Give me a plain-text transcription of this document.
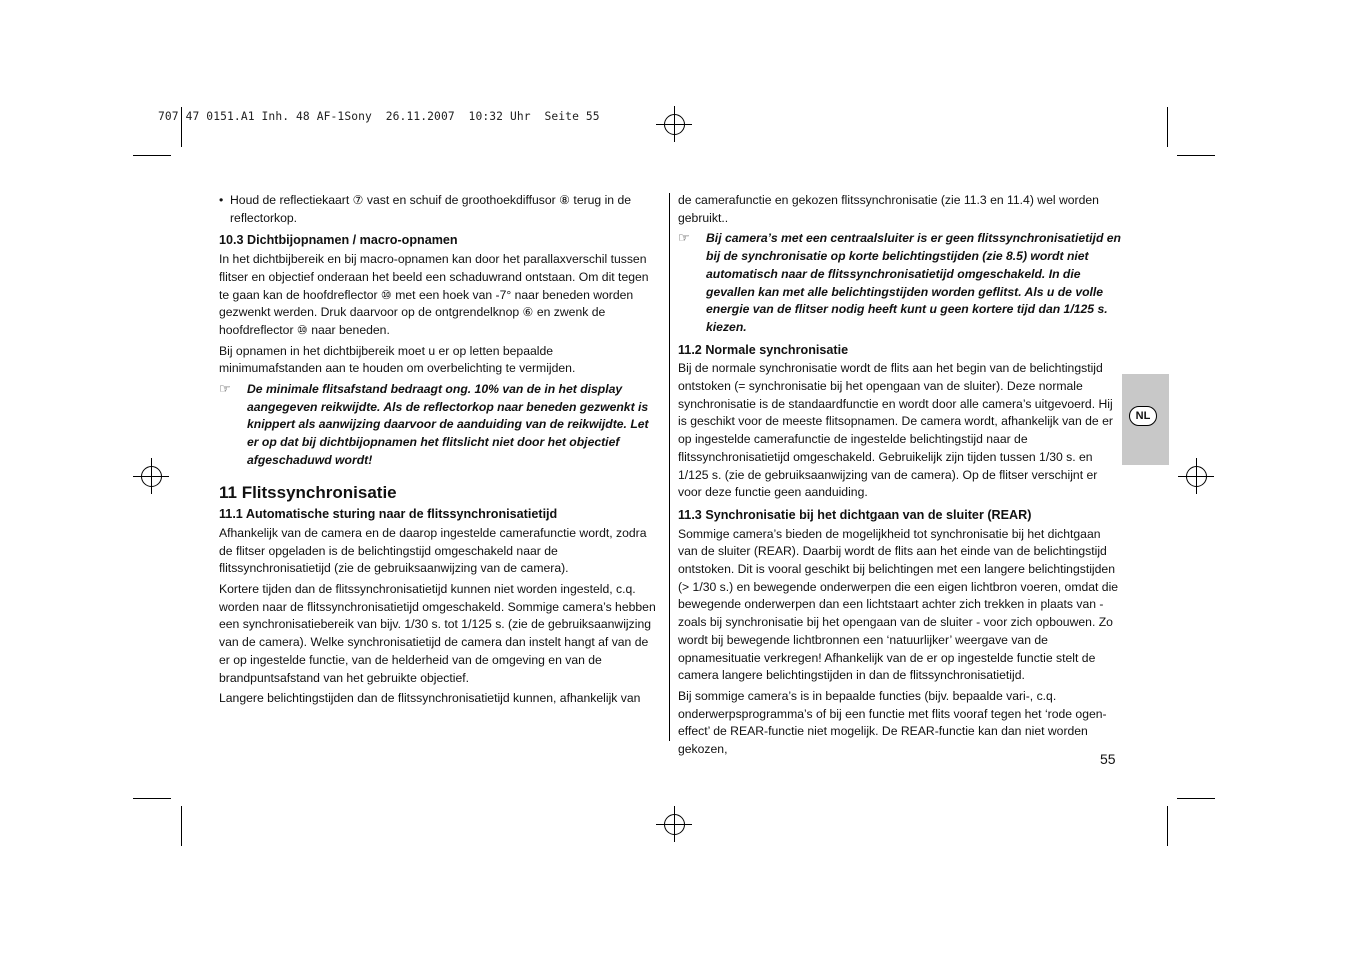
707 47 0151.A1 Inh. 48 AF-1Sony  26.11.2007  10:32 Uhr  Seite 55

• Houd de reflectiekaart ⑦ vast en schuif de groothoekdiffusor ⑧ terug in de reflectorkop.

10.3 Dichtbijopnamen / macro-opnamen

In het dichtbijbereik en bij macro-opnamen kan door het parallaxverschil tussen flitser en objectief onderaan het beeld een schaduwrand ontstaan. Om dit tegen te gaan kan de hoofdreflector ⑩ met een hoek van -7° naar beneden worden gezwenkt werden. Druk daarvoor op de ontgrendelknop ⑥ en zwenk de hoofdreflector ⑩ naar beneden.

Bij opnamen in het dichtbijbereik moet u er op letten bepaalde minimumafstanden aan te houden om overbelichting te vermijden.

☞ De minimale flitsafstand bedraagt ong. 10% van de in het display aangegeven reikwijdte. Als de reflectorkop naar beneden gezwenkt is knippert als aanwijzing daarvoor de aanduiding van de reikwijdte. Let er op dat bij dichtbijopnamen het flitslicht niet door het objectief afgeschaduwd wordt!
11 Flitssynchronisatie
11.1 Automatische sturing naar de flitssynchronisatietijd

Afhankelijk van de camera en de daarop ingestelde camerafunctie wordt, zodra de flitser opgeladen is de belichtingstijd omgeschakeld naar de flitssynchronisatietijd (zie de gebruiksaanwijzing van de camera).

Kortere tijden dan de flitssynchronisatietijd kunnen niet worden ingesteld, c.q. worden naar de flitssynchronisatietijd omgeschakeld. Sommige camera’s hebben een synchronisatiebereik van bijv. 1/30 s. tot 1/125 s. (zie de gebruiksaanwijzing van de camera). Welke synchronisatietijd de camera dan instelt hangt af van de er op ingestelde functie, van de helderheid van de omgeving en van de brandpuntsafstand van het gebruikte objectief.

Langere belichtingstijden dan de flitssynchronisatietijd kunnen, afhankelijk van

de camerafunctie en gekozen flitssynchronisatie (zie 11.3 en 11.4) wel worden gebruikt..

☞ Bij camera’s met een centraalsluiter is er geen flitssynchronisatietijd en bij de synchronisatie op korte belichtingstijden (zie 8.5) wordt niet automatisch naar de flitssynchronisatietijd omgeschakeld. In die gevallen kan met alle belichtingstijden worden geflitst. Als u de volle energie van de flitser nodig heeft kunt u geen kortere tijd dan 1/125 s. kiezen.
11.2 Normale synchronisatie

Bij de normale synchronisatie wordt de flits aan het begin van de belichtingstijd ontstoken (= synchronisatie bij het opengaan van de sluiter). Deze normale synchronisatie is de standaardfunctie en wordt door alle camera’s uitgevoerd. Hij is geschikt voor de meeste flitsopnamen. De camera wordt, afhankelijk van de er op ingestelde camerafunctie de ingestelde belichtingstijd naar de flitssynchronisatietijd omgeschakeld. Gebruikelijk zijn tijden tussen 1/30 s. en 1/125 s. (zie de gebruiksaanwijzing van de camera). Op de flitser verschijnt er voor deze functie geen aanduiding.

11.3 Synchronisatie bij het dichtgaan van de sluiter (REAR)

Sommige camera’s bieden de mogelijkheid tot synchronisatie bij het dichtgaan van de sluiter (REAR). Daarbij wordt de flits aan het einde van de belichtingstijd ontstoken. Dit is vooral geschikt bij belichtingen met een langere belichtingstijden (> 1/30 s.) en bewegende onderwerpen die een eigen lichtbron voeren, omdat die bewegende onderwerpen dan een lichtstaart achter zich trekken in plaats van - zoals bij synchronisatie bij het opengaan van de sluiter - voor zich opbouwen. Zo wordt bij bewegende lichtbronnen een ‘natuurlijker’ weergave van de opnamesituatie verkregen! Afhankelijk van de er op ingestelde functie stelt de camera langere belichtingstijden in dan de flitssynchronisatietijd.

Bij sommige camera’s is in bepaalde functies (bijv. bepaalde vari-, c.q. onderwerpsprogramma’s of bij een functie met flits vooraf tegen het ‘rode ogen-effect’ de REAR-functie niet mogelijk. De REAR-functie kan dan niet worden gekozen,

NL
55
